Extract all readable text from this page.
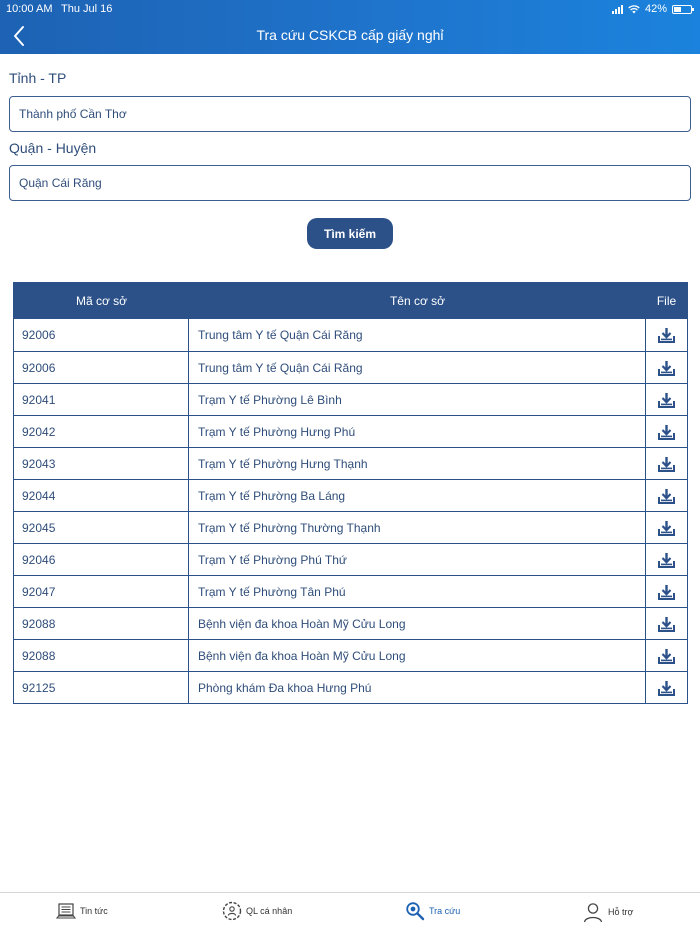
10:00 AM Thu Jul 16	42%
Tra cứu CSKCB cấp giấy nghỉ
Tỉnh - TP
Thành phố Cần Thơ
Quận - Huyện
Quận Cái Răng
Tìm kiếm
Mã cơ sở	Tên cơ sở	File
92006	Trung tâm Y tế Quận Cái Răng
92006	Trung tâm Y tế Quận Cái Răng
92041	Trạm Y tế Phường Lê Bình
92042	Trạm Y tế Phường Hưng Phú
92043	Trạm Y tế Phường Hưng Thạnh
92044	Trạm Y tế Phường Ba Láng
92045	Trạm Y tế Phường Thường Thạnh
92046	Trạm Y tế Phường Phú Thứ
92047	Trạm Y tế Phường Tân Phú
92088	Bệnh viện đa khoa Hoàn Mỹ Cửu Long
92088	Bệnh viện đa khoa Hoàn Mỹ Cửu Long
92125	Phòng khám Đa khoa Hưng Phú
Tin tức	QL cá nhân	Tra cứu	Hỗ trợ
